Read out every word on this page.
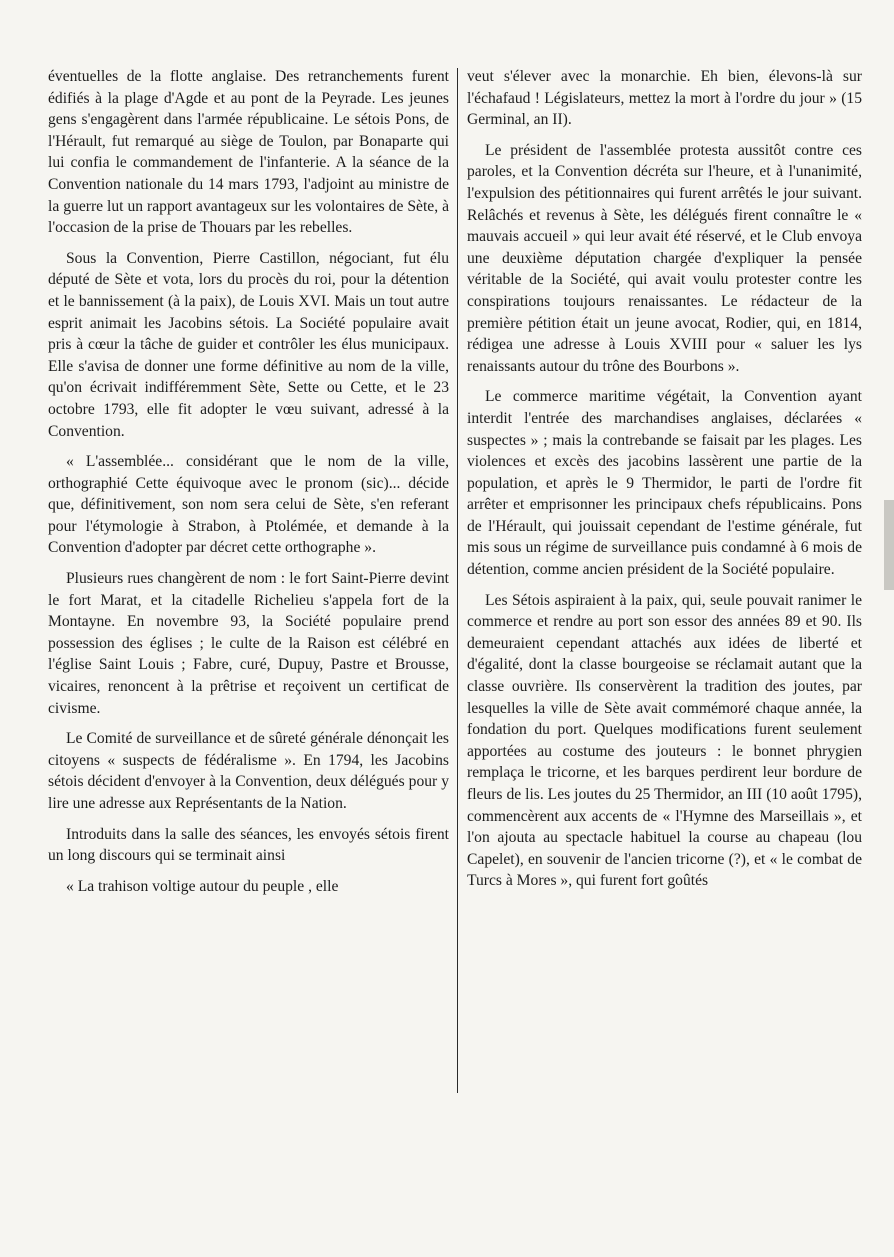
éventuelles de la flotte anglaise. Des retranchements furent édifiés à la plage d'Agde et au pont de la Peyrade. Les jeunes gens s'engagèrent dans l'armée républicaine. Le sétois Pons, de l'Hérault, fut remarqué au siège de Toulon, par Bonaparte qui lui confia le commandement de l'infanterie. A la séance de la Convention nationale du 14 mars 1793, l'adjoint au ministre de la guerre lut un rapport avantageux sur les volontaires de Sète, à l'occasion de la prise de Thouars par les rebelles.

Sous la Convention, Pierre Castillon, négociant, fut élu député de Sète et vota, lors du procès du roi, pour la détention et le bannissement (à la paix), de Louis XVI. Mais un tout autre esprit animait les Jacobins sétois. La Société populaire avait pris à cœur la tâche de guider et contrôler les élus municipaux. Elle s'avisa de donner une forme définitive au nom de la ville, qu'on écrivait indifféremment Sète, Sette ou Cette, et le 23 octobre 1793, elle fit adopter le vœu suivant, adressé à la Convention.

« L'assemblée... considérant que le nom de la ville, orthographié Cette équivoque avec le pronom (sic)... décide que, définitivement, son nom sera celui de Sète, s'en referant pour l'étymologie à Strabon, à Ptolémée, et demande à la Convention d'adopter par décret cette orthographe ».

Plusieurs rues changèrent de nom : le fort Saint-Pierre devint le fort Marat, et la citadelle Richelieu s'appela fort de la Montayne. En novembre 93, la Société populaire prend possession des églises ; le culte de la Raison est célébré en l'église Saint Louis ; Fabre, curé, Dupuy, Pastre et Brousse, vicaires, renoncent à la prêtrise et reçoivent un certificat de civisme.

Le Comité de surveillance et de sûreté générale dénonçait les citoyens « suspects de fédéralisme ». En 1794, les Jacobins sétois décident d'envoyer à la Convention, deux délégués pour y lire une adresse aux Représentants de la Nation.

Introduits dans la salle des séances, les envoyés sétois firent un long discours qui se terminait ainsi

« La trahison voltige autour du peuple , elle

veut s'élever avec la monarchie. Eh bien, élevons-là sur l'échafaud ! Législateurs, mettez la mort à l'ordre du jour » (15 Germinal, an II).

Le président de l'assemblée protesta aussitôt contre ces paroles, et la Convention décréta sur l'heure, et à l'unanimité, l'expulsion des pétitionnaires qui furent arrêtés le jour suivant. Relâchés et revenus à Sète, les délégués firent connaître le « mauvais accueil » qui leur avait été réservé, et le Club envoya une deuxième députation chargée d'expliquer la pensée véritable de la Société, qui avait voulu protester contre les conspirations toujours renaissantes. Le rédacteur de la première pétition était un jeune avocat, Rodier, qui, en 1814, rédigea une adresse à Louis XVIII pour « saluer les lys renaissants autour du trône des Bourbons ».

Le commerce maritime végétait, la Convention ayant interdit l'entrée des marchandises anglaises, déclarées « suspectes » ; mais la contrebande se faisait par les plages. Les violences et excès des jacobins lassèrent une partie de la population, et après le 9 Thermidor, le parti de l'ordre fit arrêter et emprisonner les principaux chefs républicains. Pons de l'Hérault, qui jouissait cependant de l'estime générale, fut mis sous un régime de surveillance puis condamné à 6 mois de détention, comme ancien président de la Société populaire.

Les Sétois aspiraient à la paix, qui, seule pouvait ranimer le commerce et rendre au port son essor des années 89 et 90. Ils demeuraient cependant attachés aux idées de liberté et d'égalité, dont la classe bourgeoise se réclamait autant que la classe ouvrière. Ils conservèrent la tradition des joutes, par lesquelles la ville de Sète avait commémoré chaque année, la fondation du port. Quelques modifications furent seulement apportées au costume des jouteurs : le bonnet phrygien remplaça le tricorne, et les barques perdirent leur bordure de fleurs de lis. Les joutes du 25 Thermidor, an III (10 août 1795), commencèrent aux accents de « l'Hymne des Marseillais », et l'on ajouta au spectacle habituel la course au chapeau (lou Capelet), en souvenir de l'ancien tricorne (?), et « le combat de Turcs à Mores », qui furent fort goûtés
